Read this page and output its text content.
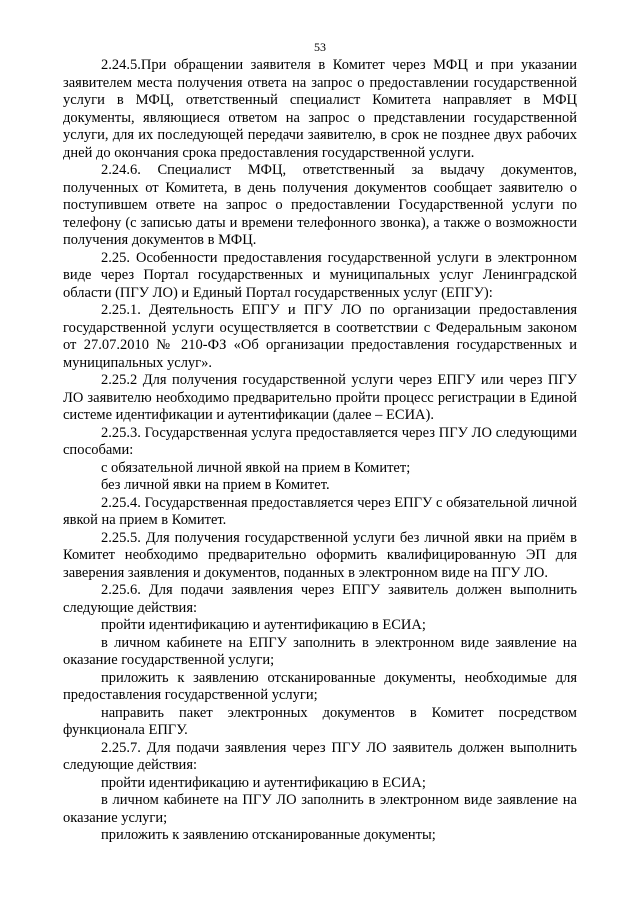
53

2.24.5.При обращении заявителя в Комитет через МФЦ и при указании заявителем места получения ответа на запрос о предоставлении государственной услуги в МФЦ, ответственный специалист Комитета направляет в МФЦ документы, являющиеся ответом на запрос о представлении государственной услуги, для их последующей передачи заявителю, в срок не позднее двух рабочих дней до окончания срока предоставления государственной услуги.

2.24.6. Специалист МФЦ, ответственный за выдачу документов, полученных от Комитета, в день получения документов сообщает заявителю о поступившем ответе на запрос о предоставлении Государственной услуги по телефону (с записью даты и времени телефонного звонка), а также о возможности получения документов в МФЦ.

2.25. Особенности предоставления государственной услуги в электронном виде через Портал государственных и муниципальных услуг Ленинградской области (ПГУ ЛО) и Единый Портал государственных услуг (ЕПГУ):

2.25.1. Деятельность ЕПГУ и ПГУ ЛО по организации предоставления государственной услуги осуществляется в соответствии с Федеральным законом от 27.07.2010 № 210-ФЗ «Об организации предоставления государственных и муниципальных услуг».

2.25.2 Для получения государственной услуги через ЕПГУ или через ПГУ ЛО заявителю необходимо предварительно пройти процесс регистрации в Единой системе идентификации и аутентификации (далее – ЕСИА).

2.25.3. Государственная услуга предоставляется через ПГУ ЛО следующими способами:

с обязательной личной явкой на прием в Комитет;

без личной явки на прием в Комитет.

2.25.4. Государственная предоставляется через ЕПГУ с обязательной личной явкой на прием в Комитет.

2.25.5. Для получения государственной услуги без личной явки на приём в Комитет необходимо предварительно оформить квалифицированную ЭП для заверения заявления и документов, поданных в электронном виде на ПГУ ЛО.

2.25.6. Для подачи заявления через ЕПГУ заявитель должен выполнить следующие действия:

пройти идентификацию и аутентификацию в ЕСИА;

в личном кабинете на ЕПГУ заполнить в электронном виде заявление на оказание государственной услуги;

приложить к заявлению отсканированные документы, необходимые для предоставления государственной услуги;

направить пакет электронных документов в Комитет посредством функционала ЕПГУ.

2.25.7. Для подачи заявления через ПГУ ЛО заявитель должен выполнить следующие действия:

пройти идентификацию и аутентификацию в ЕСИА;

в личном кабинете на ПГУ ЛО заполнить в электронном виде заявление на оказание услуги;

приложить к заявлению отсканированные документы;
